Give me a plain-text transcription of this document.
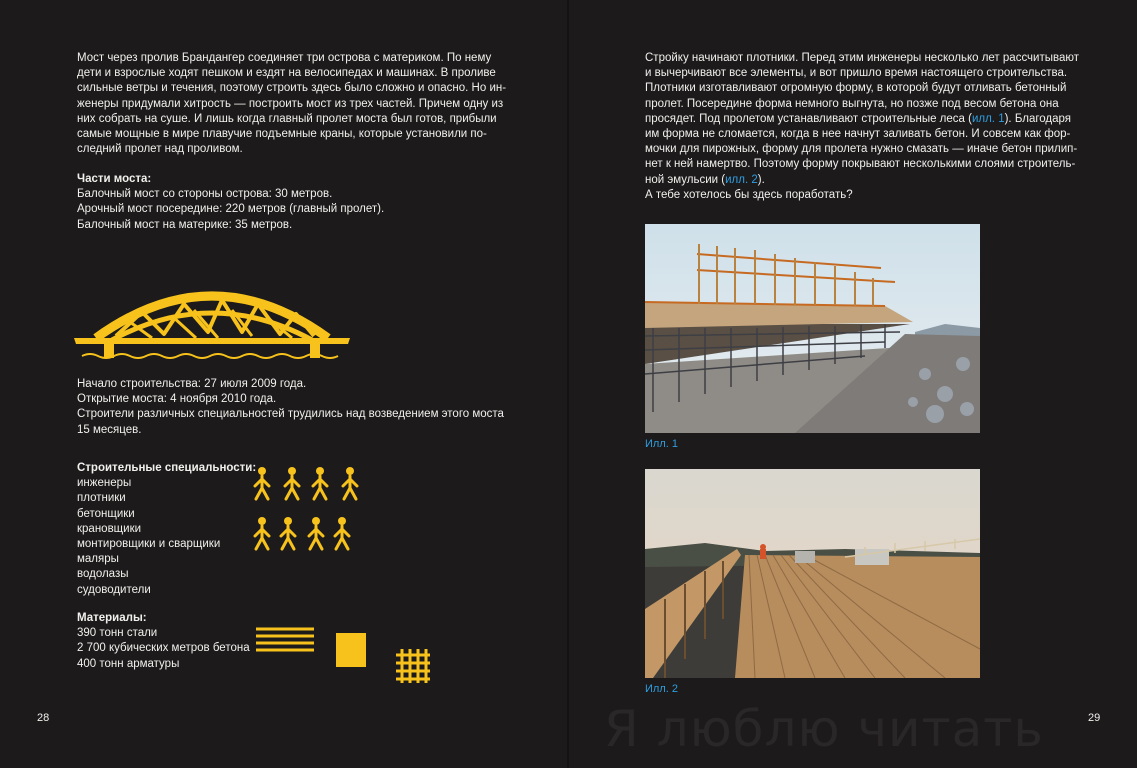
Мост через пролив Брандангер соединяет три острова с материком. По нему
дети и взрослые ходят пешком и ездят на велосипедах и машинах. В проливе
сильные ветры и течения, поэтому строить здесь было сложно и опасно. Но ин-
женеры придумали хитрость — построить мост из трех частей. Причем одну из
них собрать на суше. И лишь когда главный пролет моста был готов, прибыли
самые мощные в мире плавучие подъемные краны, которые установили по-
следний пролет над проливом.
Части моста:
Балочный мост со стороны острова: 30 метров.
Арочный мост посередине: 220 метров (главный пролет).
Балочный мост на материке: 35 метров.
Начало строительства: 27 июля 2009 года.
Открытие моста: 4 ноября 2010 года.
Строители различных специальностей трудились над возведением этого моста
15 месяцев.
Строительные специальности:
инженеры
плотники
бетонщики
крановщики
монтировщики и сварщики
маляры
водолазы
судоводители
Материалы:
390 тонн стали
2 700 кубических метров бетона
400 тонн арматуры
28	Я люблю читать
Стройку начинают плотники. Перед этим инженеры несколько лет рассчитывают
и вычерчивают все элементы, и вот пришло время настоящего строительства.
Плотники изготавливают огромную форму, в которой будут отливать бетонный
пролет. Посередине форма немного выгнута, но позже под весом бетона она
просядет. Под пролетом устанавливают строительные леса (илл. 1). Благодаря
им форма не сломается, когда в нее начнут заливать бетон. И совсем как фор-
мочки для пирожных, форму для пролета нужно смазать — иначе бетон прилип-
нет к ней намертво. Поэтому форму покрывают несколькими слоями строитель-
ной эмульсии (илл. 2).
А тебе хотелось бы здесь поработать?
Илл. 1
Илл. 2
29
